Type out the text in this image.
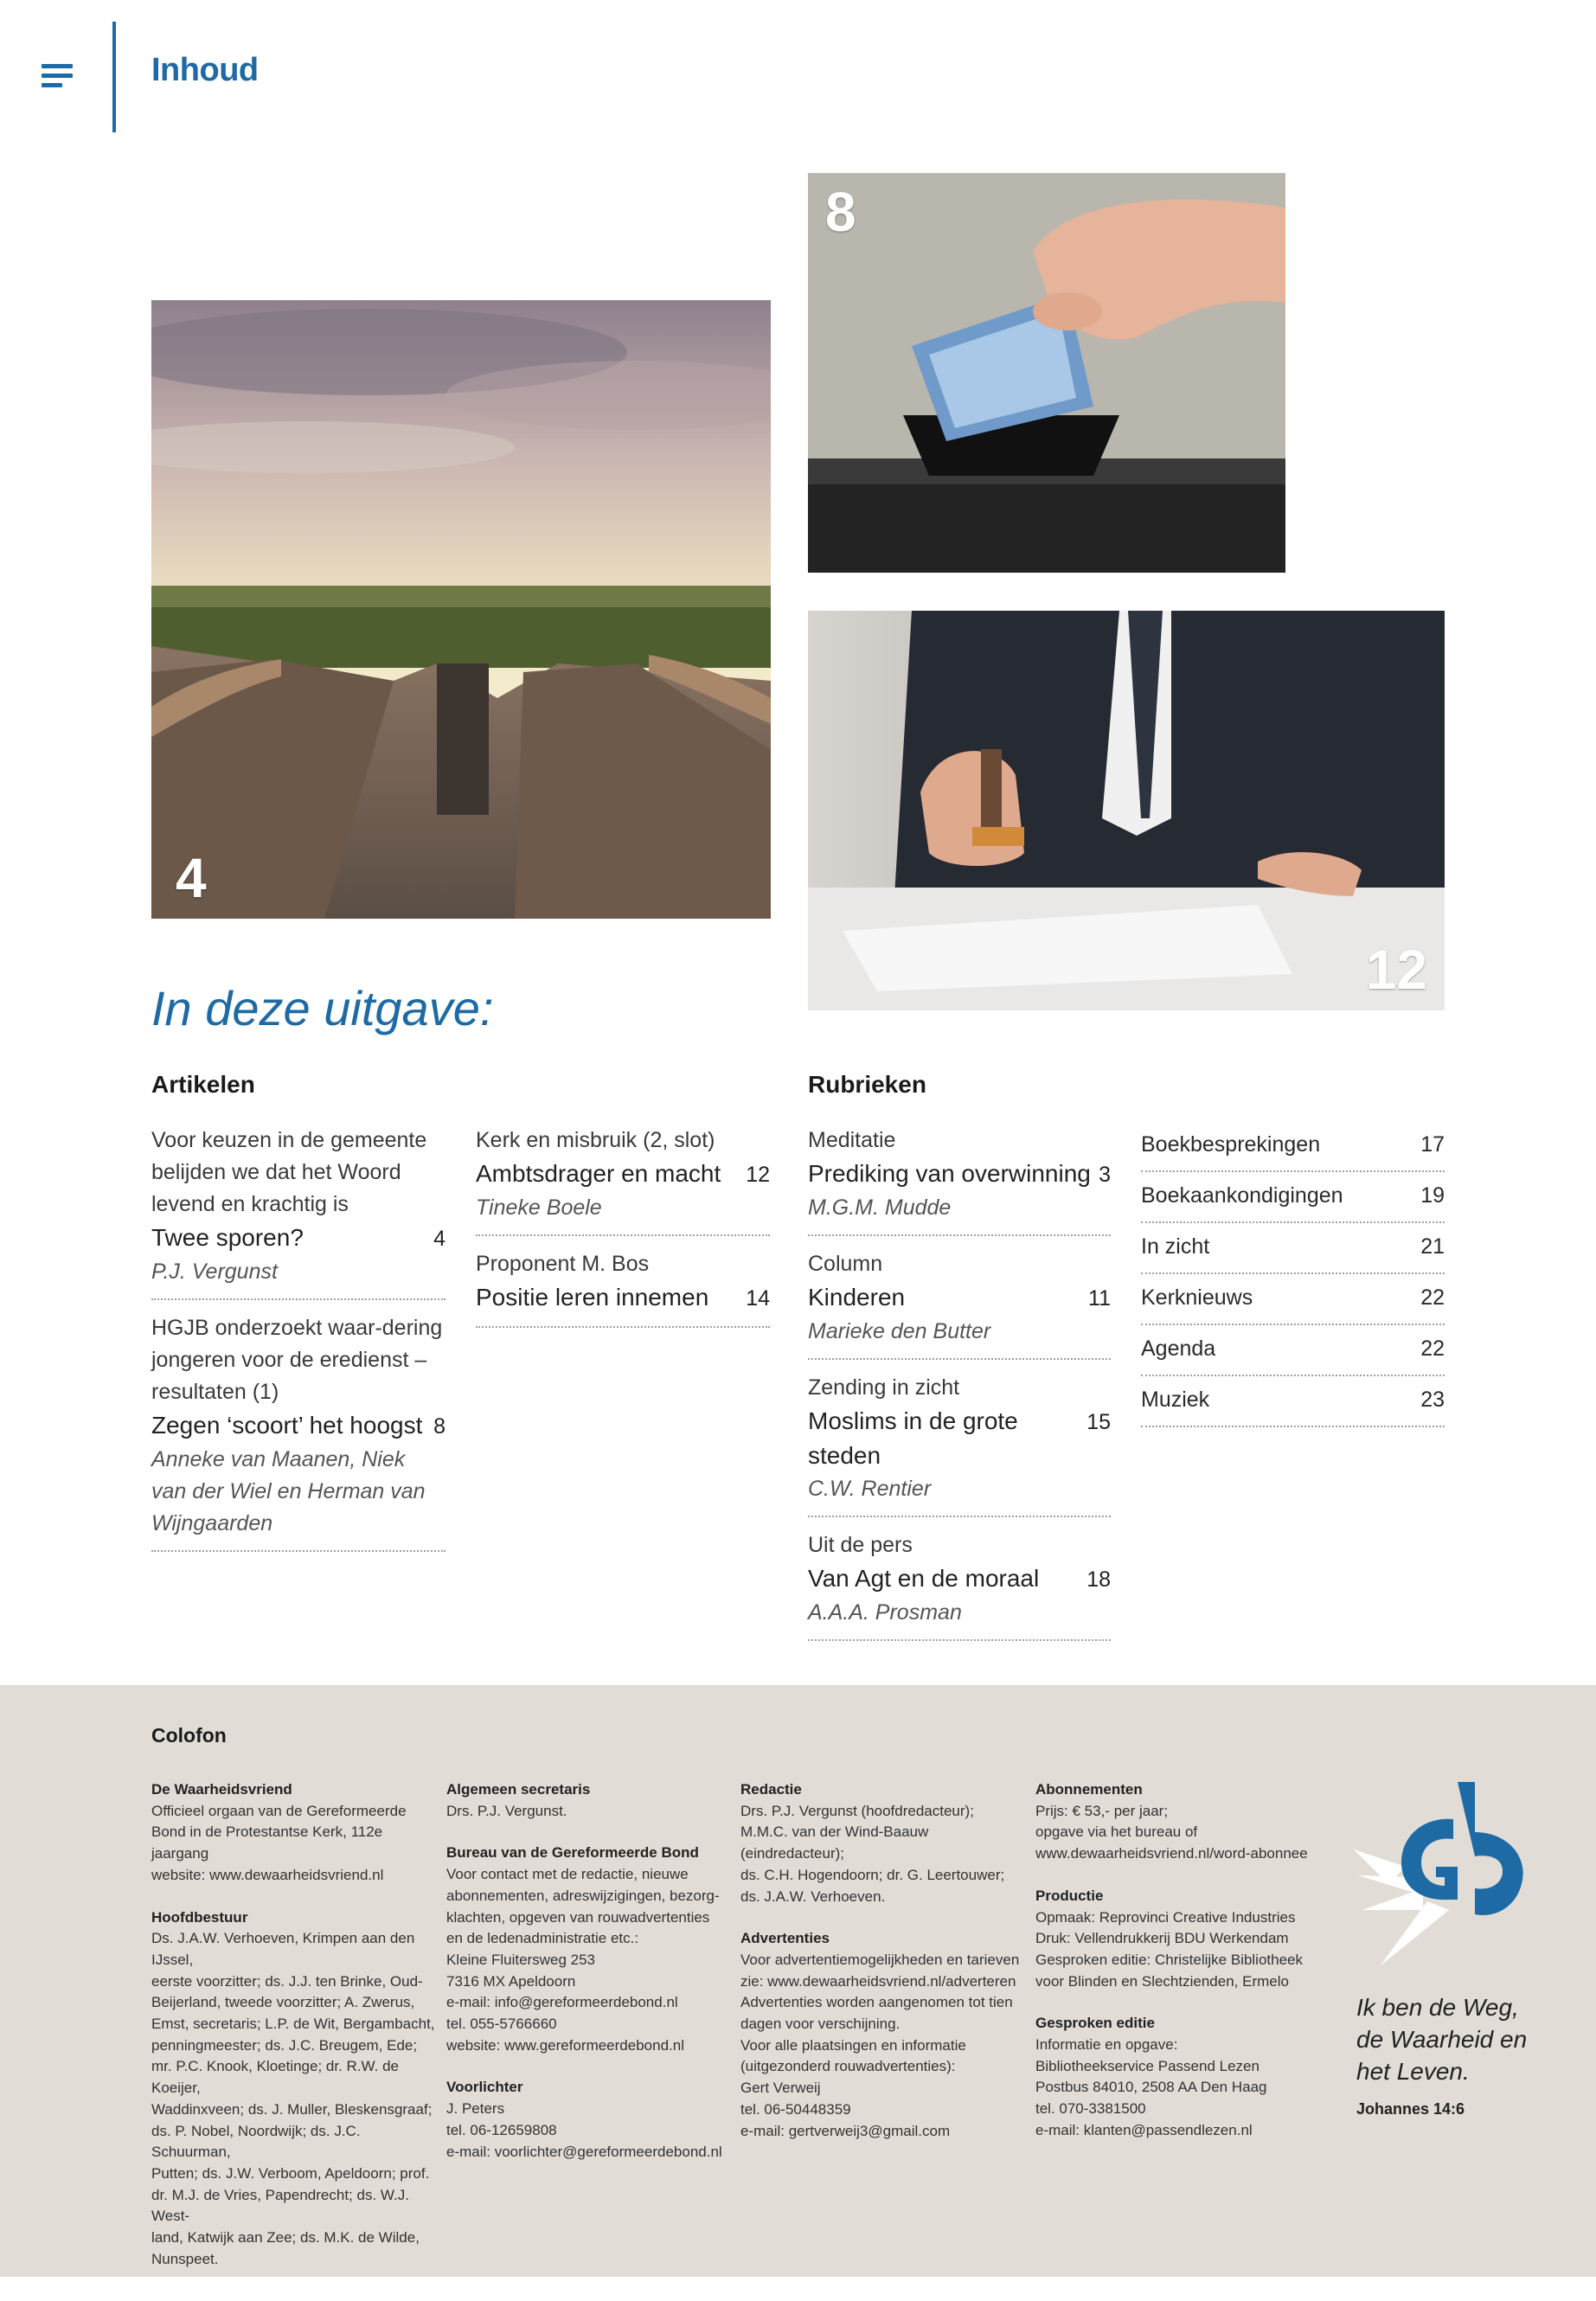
Inhoud
4
8
12
In deze uitgave:
Artikelen	Rubrieken
Voor keuzen in de gemeente belijden we dat het Woord levend en krachtig is
Twee sporen?	4
P.J. Vergunst
HGJB onderzoekt waar-dering jongeren voor de eredienst – resultaten (1)
Zegen ‘scoort’ het hoogst 8
Anneke van Maanen, Niek van der Wiel en Herman van Wijngaarden
Kerk en misbruik (2, slot)
Ambtsdrager en macht 12
Tineke Boele
Proponent M. Bos
Positie leren innemen 14
Meditatie
Prediking van overwinning 3
M.G.M. Mudde
Column
Kinderen	11
Marieke den Butter
Zending in zicht
Moslims in de grote steden
15
C.W. Rentier
Uit de pers
Van Agt en de moraal 18
A.A.A. Prosman
Boekbesprekingen	17
Boekaankondigingen	19
In zicht	21
Kerknieuws	22
Agenda	22
Muziek	23
Colofon
De Waarheidsvriend

Officieel orgaan van de Gereformeerde
Bond in de Protestantse Kerk, 112e jaargang
website: www.dewaarheidsvriend.nl

Hoofdbestuur

Ds. J.A.W. Verhoeven, Krimpen aan den IJssel,
eerste voorzitter; ds. J.J. ten Brinke, Oud-
Beijerland, tweede voorzitter; A. Zwerus,
Emst, secretaris; L.P. de Wit, Bergambacht,
penningmeester; ds. J.C. Breugem, Ede;
mr. P.C. Knook, Kloetinge; dr. R.W. de Koeijer,
Waddinxveen; ds. J. Muller, Bleskensgraaf;
ds. P. Nobel, Noordwijk; ds. J.C. Schuurman,
Putten; ds. J.W. Verboom, Apeldoorn; prof.
dr. M.J. de Vries, Papendrecht; ds. W.J. West-
land, Katwijk aan Zee; ds. M.K. de Wilde,
Nunspeet.

Algemeen secretaris

Drs. P.J. Vergunst.

Bureau van de Gereformeerde Bond

Voor contact met de redactie, nieuwe
abonnementen, adreswijzigingen, bezorg-
klachten, opgeven van rouwadvertenties
en de ledenadministratie etc.:
Kleine Fluitersweg 253
7316 MX Apeldoorn
e-mail: info@gereformeerdebond.nl
tel. 055-5766660
website: www.gereformeerdebond.nl

Voorlichter

J. Peters
tel. 06-12659808
e-mail: voorlichter@gereformeerdebond.nl

Redactie

Drs. P.J. Vergunst (hoofdredacteur);
M.M.C. van der Wind-Baauw (eindredacteur);
ds. C.H. Hogendoorn; dr. G. Leertouwer;
ds. J.A.W. Verhoeven.

Advertenties

Voor advertentiemogelijkheden en tarieven
zie: www.dewaarheidsvriend.nl/adverteren
Advertenties worden aangenomen tot tien
dagen voor verschijning.
Voor alle plaatsingen en informatie
(uitgezonderd rouwadvertenties):
Gert Verweij
tel. 06-50448359
e-mail: gertverweij3@gmail.com

Abonnementen

Prijs: € 53,- per jaar;
opgave via het bureau of
www.dewaarheidsvriend.nl/word-abonnee

Productie

Opmaak: Reprovinci Creative Industries
Druk: Vellendrukkerij BDU Werkendam
Gesproken editie: Christelijke Bibliotheek
voor Blinden en Slechtzienden, Ermelo

Gesproken editie

Informatie en opgave:
Bibliotheekservice Passend Lezen
Postbus 84010, 2508 AA Den Haag
tel. 070-3381500
e-mail: klanten@passendlezen.nl

Ik ben de Weg,
de Waarheid en
het Leven.
Johannes 14:6
